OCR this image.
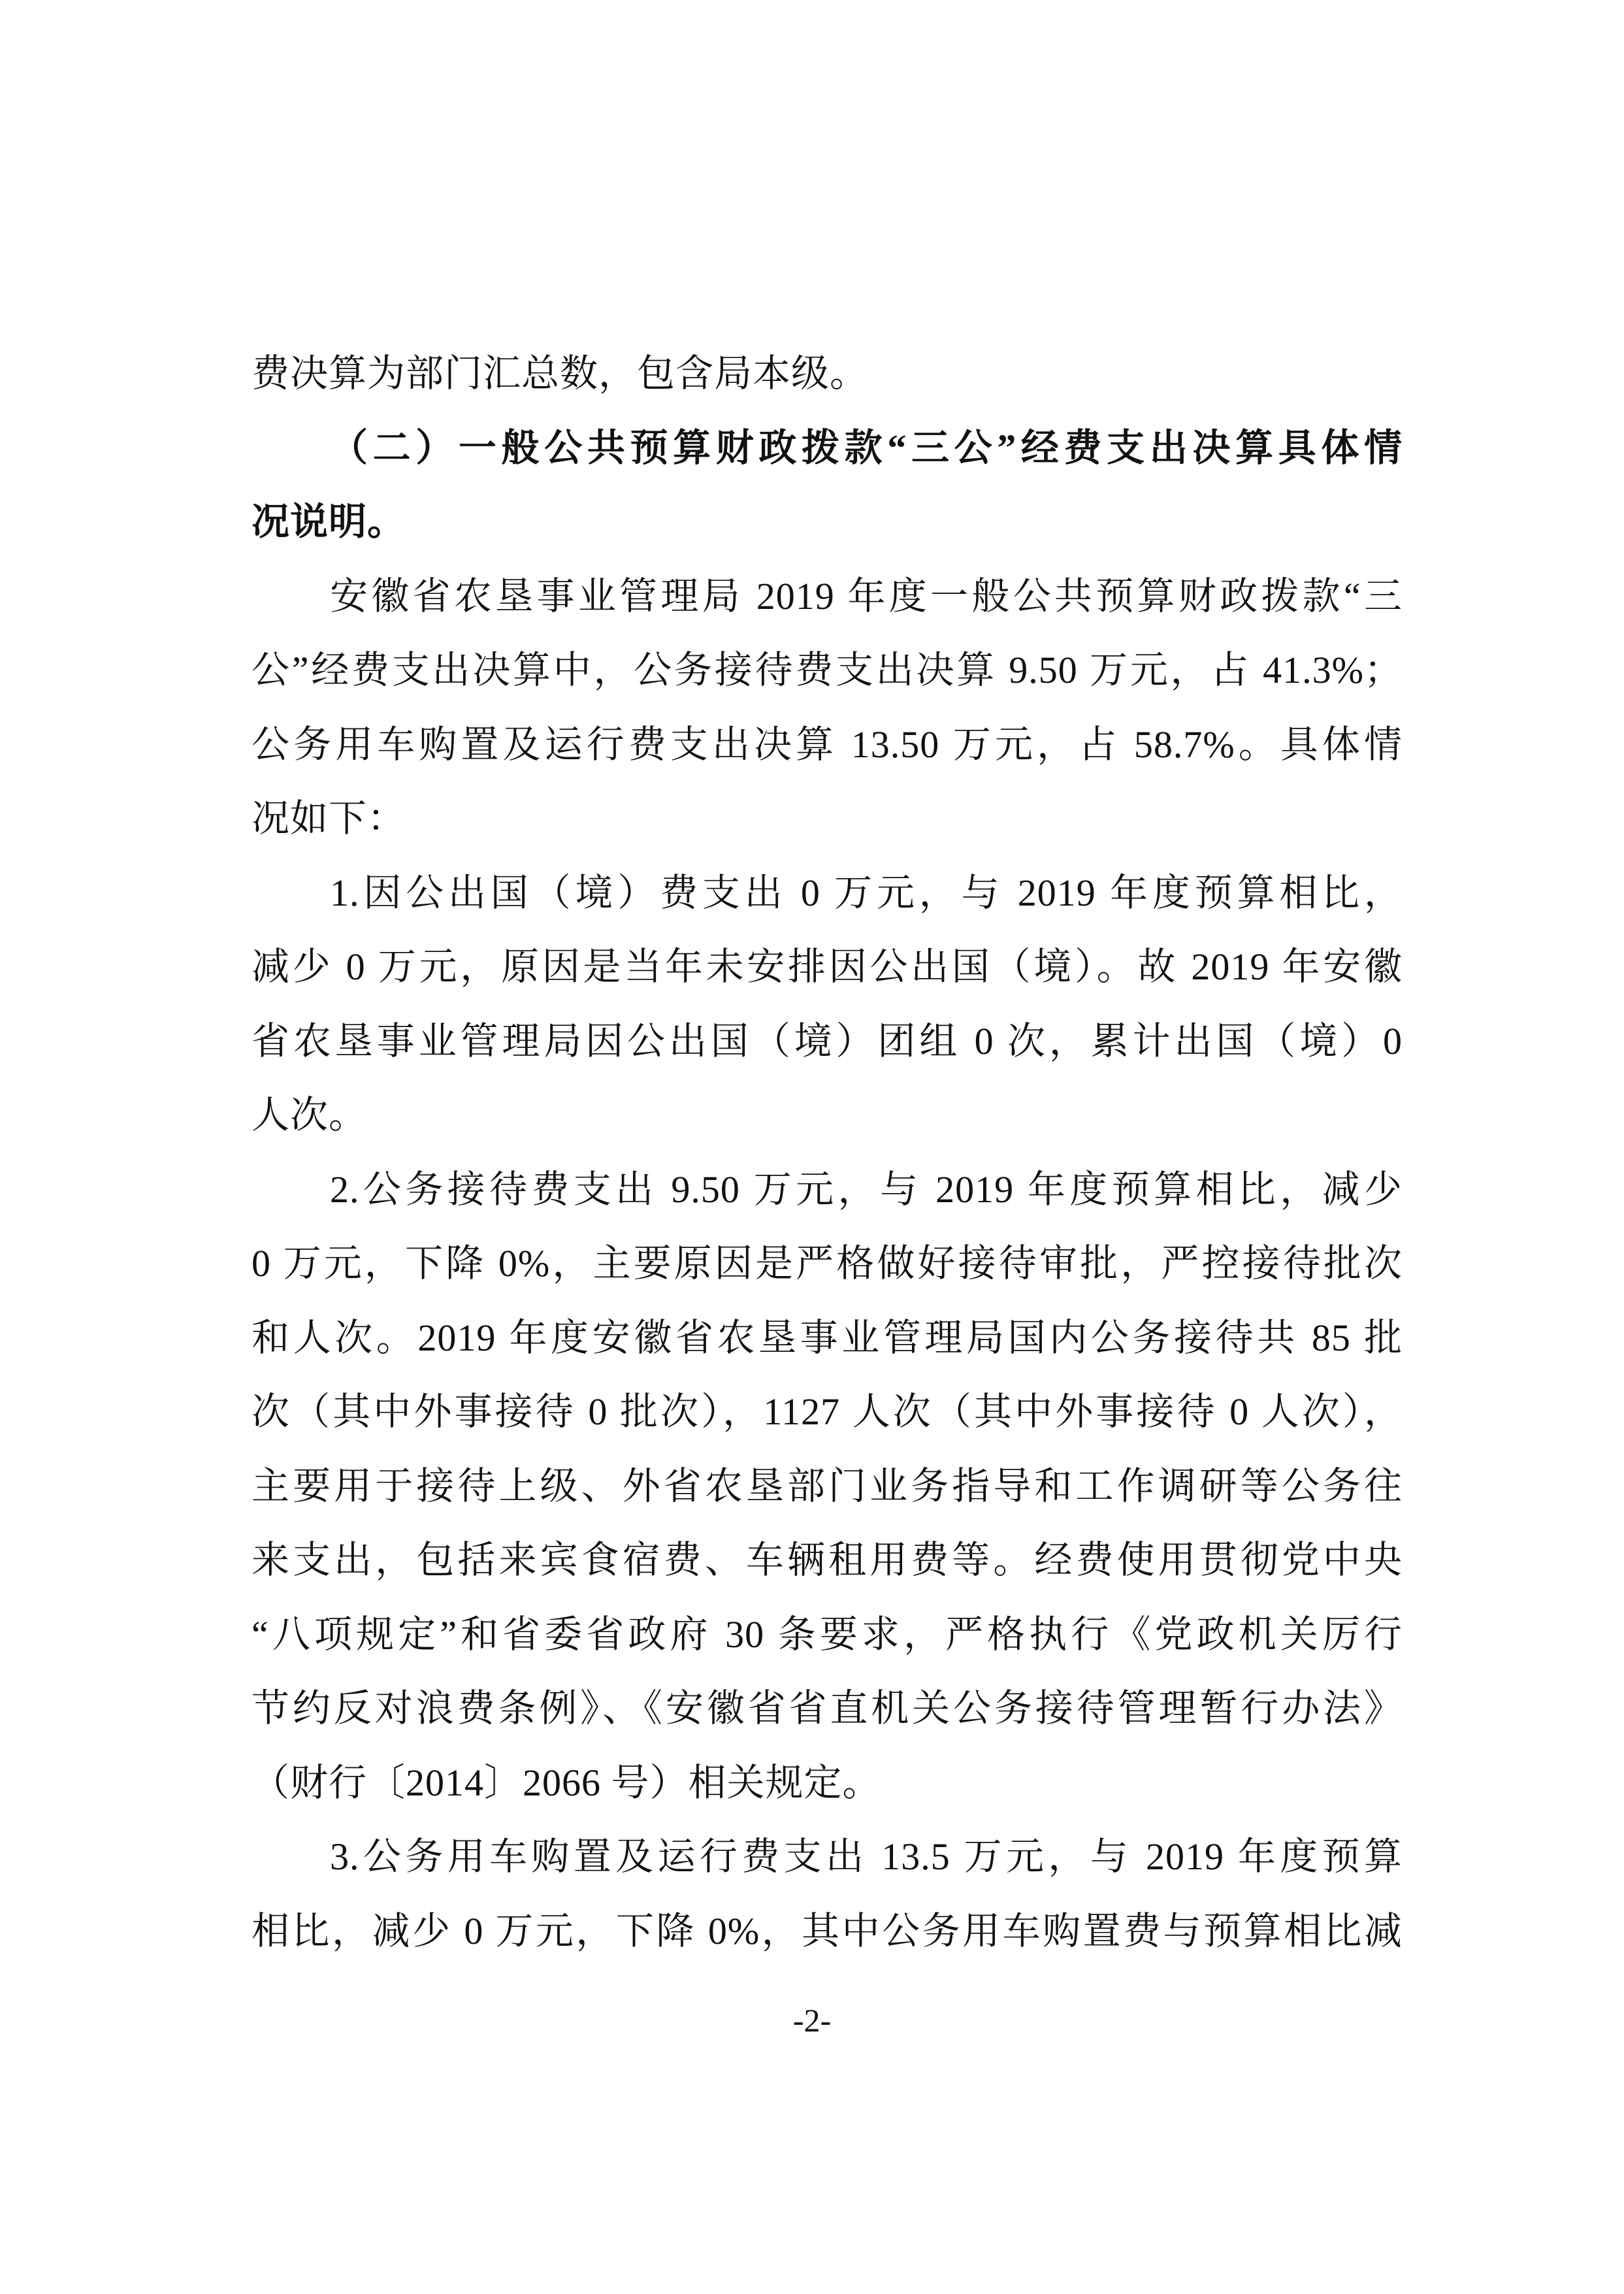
费决算为部门汇总数，包含局本级。
（二）一般公共预算财政拨款“三公”经费支出决算具体情
况说明。
安徽省农垦事业管理局 2019 年度一般公共预算财政拨款“三
公”经费支出决算中，公务接待费支出决算 9.50 万元，占 41.3%；
公务用车购置及运行费支出决算 13.50 万元，占 58.7%。具体情
况如下：
1.因公出国（境）费支出 0 万元，与 2019 年度预算相比，
减少 0 万元，原因是当年未安排因公出国（境）。故 2019 年安徽
省农垦事业管理局因公出国（境）团组 0 次，累计出国（境）0
人次。
2.公务接待费支出 9.50 万元，与 2019 年度预算相比，减少
0 万元，下降 0%，主要原因是严格做好接待审批，严控接待批次
和人次。2019 年度安徽省农垦事业管理局国内公务接待共 85 批
次（其中外事接待 0 批次），1127 人次（其中外事接待 0 人次），
主要用于接待上级、外省农垦部门业务指导和工作调研等公务往
来支出，包括来宾食宿费、车辆租用费等。经费使用贯彻党中央
“八项规定”和省委省政府 30 条要求，严格执行《党政机关厉行
节约反对浪费条例》、《安徽省省直机关公务接待管理暂行办法》
（财行〔2014〕2066 号）相关规定。
3.公务用车购置及运行费支出 13.5 万元，与 2019 年度预算
相比，减少 0 万元，下降 0%，其中公务用车购置费与预算相比减
-2-
